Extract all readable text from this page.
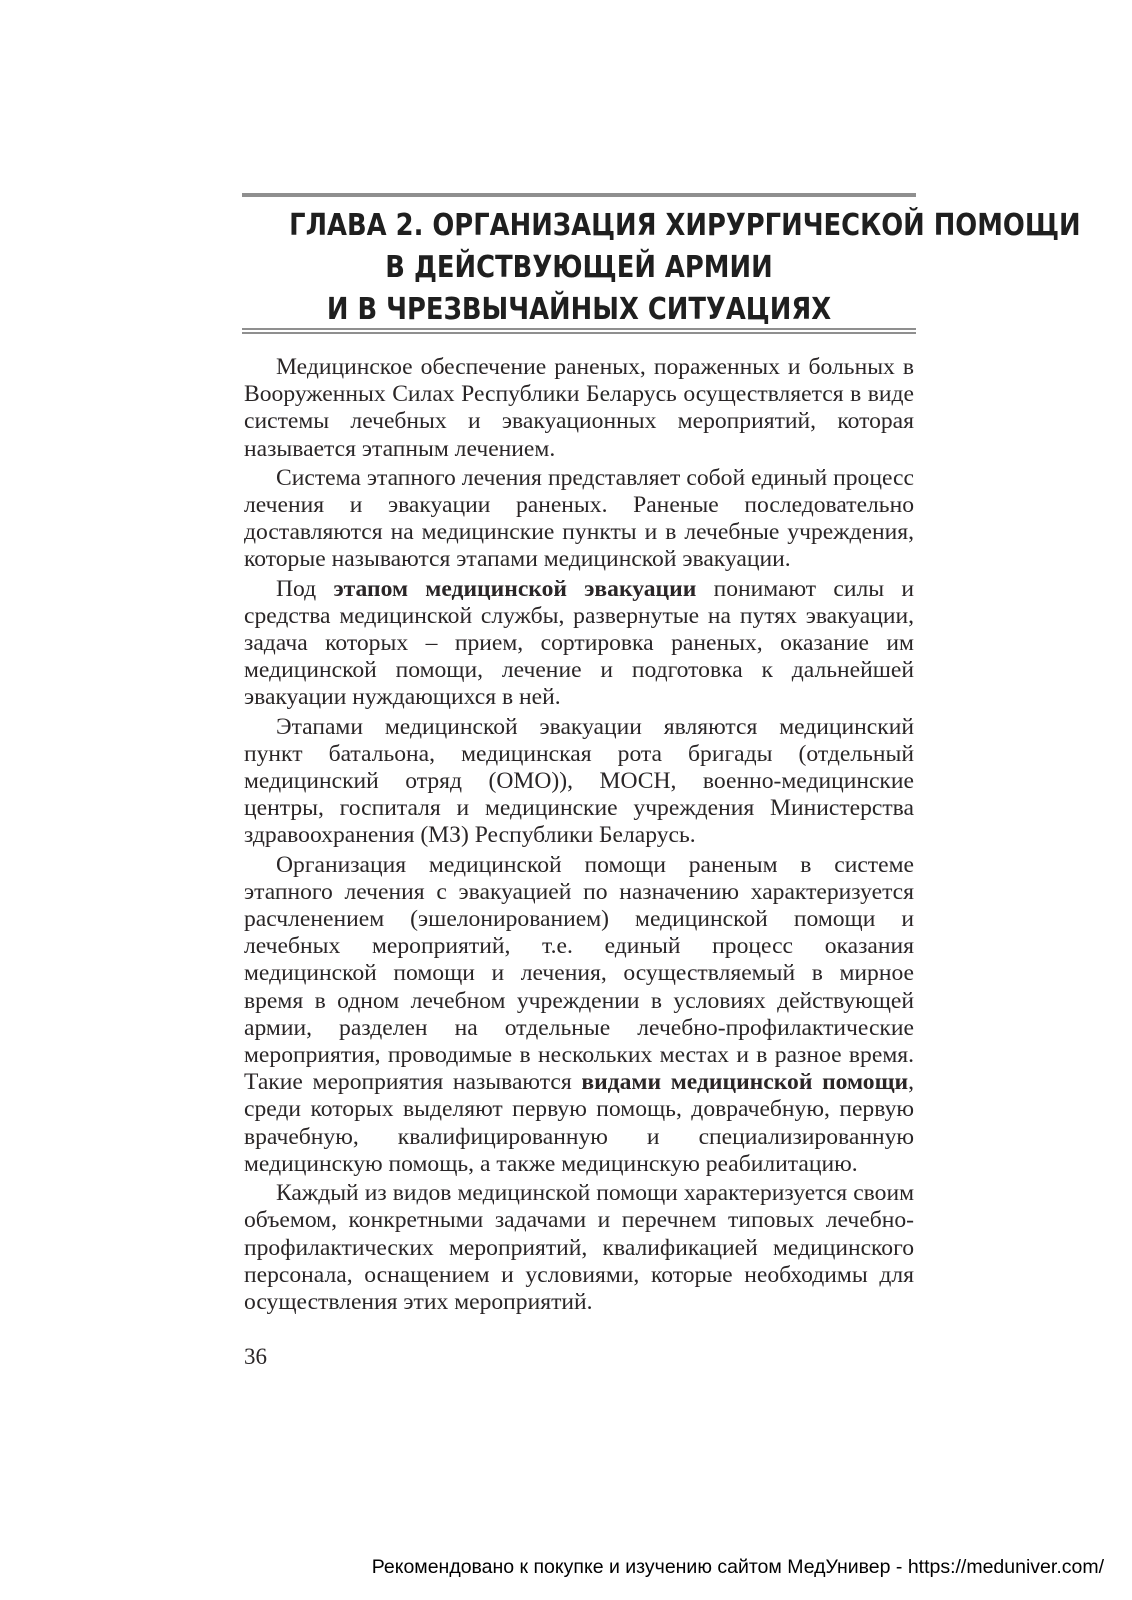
ГЛАВА 2. ОРГАНИЗАЦИЯ ХИРУРГИЧЕСКОЙ ПОМОЩИ
В ДЕЙСТВУЮЩЕЙ АРМИИ
И В ЧРЕЗВЫЧАЙНЫХ СИТУАЦИЯХ

Медицинское обеспечение раненых, пораженных и больных в Вооруженных Силах Республики Беларусь осуществляется в виде системы лечебных и эвакуационных мероприятий, которая называется этапным лечением.

Система этапного лечения представляет собой единый процесс лечения и эвакуации раненых. Раненые последовательно доставляются на медицинские пункты и в лечебные учреждения, которые называются этапами медицинской эвакуации.

Под этапом медицинской эвакуации понимают силы и средства медицинской службы, развернутые на путях эвакуации, задача которых – прием, сортировка раненых, оказание им медицинской помощи, лечение и подготовка к дальнейшей эвакуации нуждающихся в ней.

Этапами медицинской эвакуации являются медицинский пункт батальона, медицинская рота бригады (отдельный медицинский отряд (ОМО)), МОСН, военно-медицинские центры, госпиталя и медицинские учреждения Министерства здравоохранения (МЗ) Республики Беларусь.

Организация медицинской помощи раненым в системе этапного лечения с эвакуацией по назначению характеризуется расчленением (эшелонированием) медицинской помощи и лечебных мероприятий, т.е. единый процесс оказания медицинской помощи и лечения, осуществляемый в мирное время в одном лечебном учреждении в условиях действующей армии, разделен на отдельные лечебно-профилактические мероприятия, проводимые в нескольких местах и в разное время. Такие мероприятия называются видами медицинской помощи, среди которых выделяют первую помощь, доврачебную, первую врачебную, квалифицированную и специализированную медицинскую помощь, а также медицинскую реабилитацию.

Каждый из видов медицинской помощи характеризуется своим объемом, конкретными задачами и перечнем типовых лечебно-профилактических мероприятий, квалификацией медицинского персонала, оснащением и условиями, которые необходимы для осуществления этих мероприятий.

36
Рекомендовано к покупке и изучению сайтом МедУнивер - https://meduniver.com/
